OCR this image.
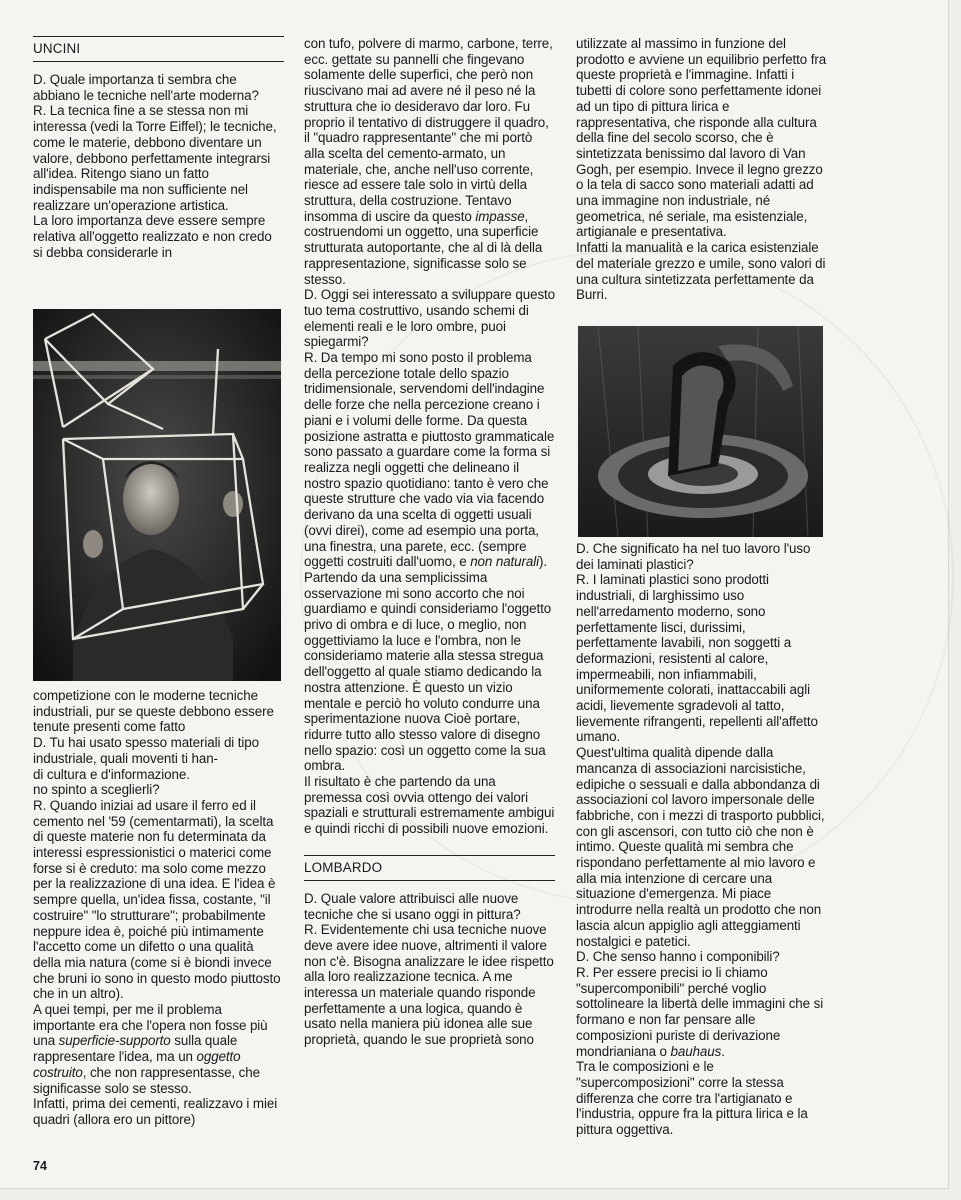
UNCINI

D. Quale importanza ti sembra che abbiano le tecniche nell'arte moderna?

R. La tecnica fine a se stessa non mi interessa (vedi la Torre Eiffel); le tecniche, come le materie, debbono diventare un valore, debbono perfettamente integrarsi all'idea. Ritengo siano un fatto indispensabile ma non sufficiente nel realizzare un'operazione artistica.

La loro importanza deve essere sempre relativa all'oggetto realizzato e non credo si debba considerarle in

competizione con le moderne tecniche industriali, pur se queste debbono essere tenute presenti come fatto

D. Tu hai usato spesso materiali di tipo industriale, quali moventi ti han-

di cultura e d'informazione.

no spinto a sceglierli?

R. Quando iniziai ad usare il ferro ed il cemento nel '59 (cementarmati), la scelta di queste materie non fu determinata da interessi espressionistici o materici come forse si è creduto: ma solo come mezzo per la realizzazione di una idea. E l'idea è sempre quella, un'idea fissa, costante, "il costruire" "lo strutturare"; probabilmente neppure idea è, poiché più intimamente l'accetto come un difetto o una qualità della mia natura (come si è biondi invece che bruni io sono in questo modo piuttosto che in un altro).

A quei tempi, per me il problema importante era che l'opera non fosse più una superficie-supporto sulla quale rappresentare l'idea, ma un oggetto costruito, che non rappresentasse, che significasse solo se stesso.

Infatti, prima dei cementi, realizzavo i miei quadri (allora ero un pittore)

con tufo, polvere di marmo, carbone, terre, ecc. gettate su pannelli che fingevano solamente delle superfici, che però non riuscivano mai ad avere né il peso né la struttura che io desideravo dar loro. Fu proprio il tentativo di distruggere il quadro, il "quadro rappresentante" che mi portò alla scelta del cemento-armato, un materiale, che, anche nell'uso corrente, riesce ad essere tale solo in virtù della struttura, della costruzione. Tentavo insomma di uscire da questo impasse, costruendomi un oggetto, una superficie strutturata autoportante, che al di là della rappresentazione, significasse solo se stesso.

D. Oggi sei interessato a sviluppare questo tuo tema costruttivo, usando schemi di elementi reali e le loro ombre, puoi spiegarmi?

R. Da tempo mi sono posto il problema della percezione totale dello spazio tridimensionale, servendomi dell'indagine delle forze che nella percezione creano i piani e i volumi delle forme. Da questa posizione astratta e piuttosto grammaticale sono passato a guardare come la forma si realizza negli oggetti che delineano il nostro spazio quotidiano: tanto è vero che queste strutture che vado via via facendo derivano da una scelta di oggetti usuali (ovvi direi), come ad esempio una porta, una finestra, una parete, ecc. (sempre oggetti costruiti dall'uomo, e non naturali).

Partendo da una semplicissima osservazione mi sono accorto che noi guardiamo e quindi consideriamo l'oggetto privo di ombra e di luce, o meglio, non oggettiviamo la luce e l'ombra, non le consideriamo materie alla stessa stregua dell'oggetto al quale stiamo dedicando la nostra attenzione. È questo un vizio mentale e perciò ho voluto condurre una sperimentazione nuova Cioè portare, ridurre tutto allo stesso valore di disegno nello spazio: così un oggetto come la sua ombra.

Il risultato è che partendo da una premessa così ovvia ottengo dei valori spaziali e strutturali estremamente ambigui e quindi ricchi di possibili nuove emozioni.

LOMBARDO

D. Quale valore attribuisci alle nuove tecniche che si usano oggi in pittura?

R. Evidentemente chi usa tecniche nuove deve avere idee nuove, altrimenti il valore non c'è. Bisogna analizzare le idee rispetto alla loro realizzazione tecnica. A me interessa un materiale quando risponde perfettamente a una logica, quando è usato nella maniera più idonea alle sue proprietà, quando le sue proprietà sono

utilizzate al massimo in funzione del prodotto e avviene un equilibrio perfetto fra queste proprietà e l'immagine. Infatti i tubetti di colore sono perfettamente idonei ad un tipo di pittura lirica e rappresentativa, che risponde alla cultura della fine del secolo scorso, che è sintetizzata benissimo dal lavoro di Van Gogh, per esempio. Invece il legno grezzo o la tela di sacco sono materiali adatti ad una immagine non industriale, né geometrica, né seriale, ma esistenziale, artigianale e presentativa.

Infatti la manualità e la carica esistenziale del materiale grezzo e umile, sono valori di una cultura sintetizzata perfettamente da Burri.

D. Che significato ha nel tuo lavoro l'uso dei laminati plastici?

R. I laminati plastici sono prodotti industriali, di larghissimo uso nell'arredamento moderno, sono perfettamente lisci, durissimi, perfettamente lavabili, non soggetti a deformazioni, resistenti al calore, impermeabili, non infiammabili, uniformemente colorati, inattaccabili agli acidi, lievemente sgradevoli al tatto, lievemente rifrangenti, repellenti all'affetto umano.

Quest'ultima qualità dipende dalla mancanza di associazioni narcisistiche, edipiche o sessuali e dalla abbondanza di associazioni col lavoro impersonale delle fabbriche, con i mezzi di trasporto pubblici, con gli ascensori, con tutto ciò che non è intimo. Queste qualità mi sembra che rispondano perfettamente al mio lavoro e alla mia intenzione di cercare una situazione d'emergenza. Mi piace introdurre nella realtà un prodotto che non lascia alcun appiglio agli atteggiamenti nostalgici e patetici.

D. Che senso hanno i componibili?

R. Per essere precisi io li chiamo "supercomponibili" perché voglio sottolineare la libertà delle immagini che si formano e non far pensare alle composizioni puriste di derivazione mondrianiana o bauhaus.

Tra le composizioni e le "supercomposizioni" corre la stessa differenza che corre tra l'artigianato e l'industria, oppure fra la pittura lirica e la pittura oggettiva.

74
